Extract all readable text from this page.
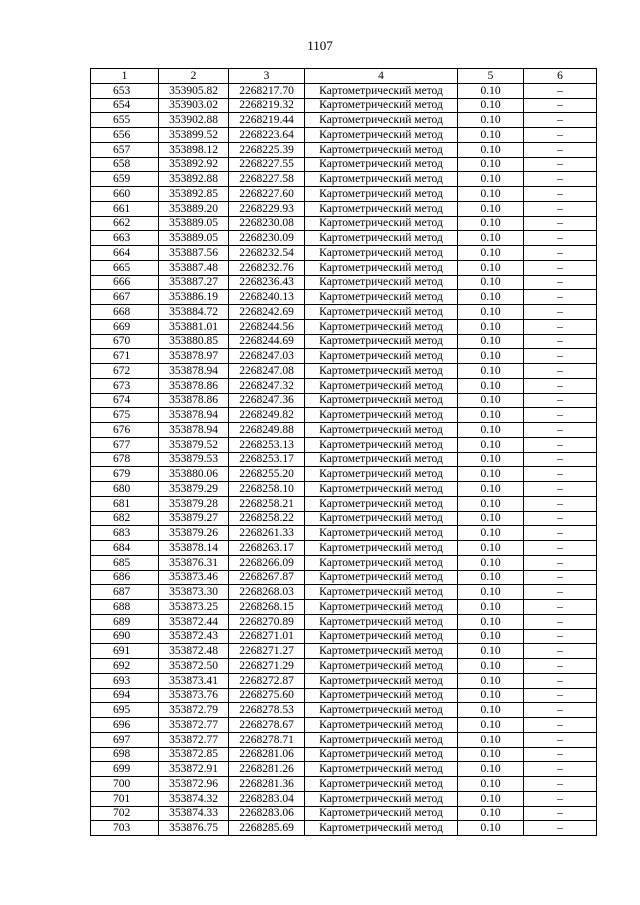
1107
1	2	3	4	5	6
653	353905.82	2268217.70	Картометрический метод	0.10	–
654	353903.02	2268219.32	Картометрический метод	0.10	–
655	353902.88	2268219.44	Картометрический метод	0.10	–
656	353899.52	2268223.64	Картометрический метод	0.10	–
657	353898.12	2268225.39	Картометрический метод	0.10	–
658	353892.92	2268227.55	Картометрический метод	0.10	–
659	353892.88	2268227.58	Картометрический метод	0.10	–
660	353892.85	2268227.60	Картометрический метод	0.10	–
661	353889.20	2268229.93	Картометрический метод	0.10	–
662	353889.05	2268230.08	Картометрический метод	0.10	–
663	353889.05	2268230.09	Картометрический метод	0.10	–
664	353887.56	2268232.54	Картометрический метод	0.10	–
665	353887.48	2268232.76	Картометрический метод	0.10	–
666	353887.27	2268236.43	Картометрический метод	0.10	–
667	353886.19	2268240.13	Картометрический метод	0.10	–
668	353884.72	2268242.69	Картометрический метод	0.10	–
669	353881.01	2268244.56	Картометрический метод	0.10	–
670	353880.85	2268244.69	Картометрический метод	0.10	–
671	353878.97	2268247.03	Картометрический метод	0.10	–
672	353878.94	2268247.08	Картометрический метод	0.10	–
673	353878.86	2268247.32	Картометрический метод	0.10	–
674	353878.86	2268247.36	Картометрический метод	0.10	–
675	353878.94	2268249.82	Картометрический метод	0.10	–
676	353878.94	2268249.88	Картометрический метод	0.10	–
677	353879.52	2268253.13	Картометрический метод	0.10	–
678	353879.53	2268253.17	Картометрический метод	0.10	–
679	353880.06	2268255.20	Картометрический метод	0.10	–
680	353879.29	2268258.10	Картометрический метод	0.10	–
681	353879.28	2268258.21	Картометрический метод	0.10	–
682	353879.27	2268258.22	Картометрический метод	0.10	–
683	353879.26	2268261.33	Картометрический метод	0.10	–
684	353878.14	2268263.17	Картометрический метод	0.10	–
685	353876.31	2268266.09	Картометрический метод	0.10	–
686	353873.46	2268267.87	Картометрический метод	0.10	–
687	353873.30	2268268.03	Картометрический метод	0.10	–
688	353873.25	2268268.15	Картометрический метод	0.10	–
689	353872.44	2268270.89	Картометрический метод	0.10	–
690	353872.43	2268271.01	Картометрический метод	0.10	–
691	353872.48	2268271.27	Картометрический метод	0.10	–
692	353872.50	2268271.29	Картометрический метод	0.10	–
693	353873.41	2268272.87	Картометрический метод	0.10	–
694	353873.76	2268275.60	Картометрический метод	0.10	–
695	353872.79	2268278.53	Картометрический метод	0.10	–
696	353872.77	2268278.67	Картометрический метод	0.10	–
697	353872.77	2268278.71	Картометрический метод	0.10	–
698	353872.85	2268281.06	Картометрический метод	0.10	–
699	353872.91	2268281.26	Картометрический метод	0.10	–
700	353872.96	2268281.36	Картометрический метод	0.10	–
701	353874.32	2268283.04	Картометрический метод	0.10	–
702	353874.33	2268283.06	Картометрический метод	0.10	–
703	353876.75	2268285.69	Картометрический метод	0.10	–
